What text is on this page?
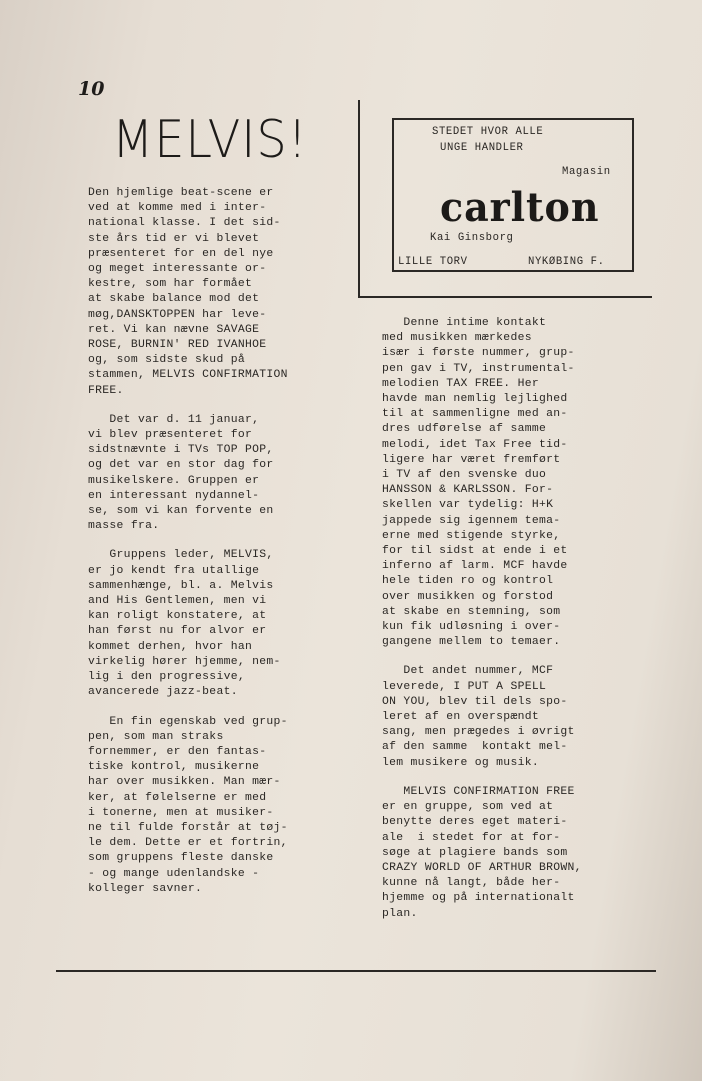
10
MELVIS!	STEDET HVOR ALLE
UNGE HANDLER
Magasin
carlton
Kai Ginsborg
LILLE TORV	NYKØBING F.

Den hjemlige beat-scene er
ved at komme med i inter-
national klasse. I det sid-
ste års tid er vi blevet
præsenteret for en del nye
og meget interessante or-
kestre, som har formået
at skabe balance mod det
møg,DANSKTOPPEN har leve-
ret. Vi kan nævne SAVAGE
ROSE, BURNIN' RED IVANHOE
og, som sidste skud på
stammen, MELVIS CONFIRMATION
FREE.

Det var d. 11 januar,
vi blev præsenteret for
sidstnævnte i TVs TOP POP,
og det var en stor dag for
musikelskere. Gruppen er
en interessant nydannel-
se, som vi kan forvente en
masse fra.

Gruppens leder, MELVIS,
er jo kendt fra utallige
sammenhænge, bl. a. Melvis
and His Gentlemen, men vi
kan roligt konstatere, at
han først nu for alvor er
kommet derhen, hvor han
virkelig hører hjemme, nem-
lig i den progressive,
avancerede jazz-beat.

En fin egenskab ved grup-
pen, som man straks
fornemmer, er den fantas-
tiske kontrol, musikerne
har over musikken. Man mær-
ker, at følelserne er med
i tonerne, men at musiker-
ne til fulde forstår at tøj-
le dem. Dette er et fortrin,
som gruppens fleste danske
- og mange udenlandske -
kolleger savner.

Denne intime kontakt
med musikken mærkedes
især i første nummer, grup-
pen gav i TV, instrumental-
melodien TAX FREE. Her
havde man nemlig lejlighed
til at sammenligne med an-
dres udførelse af samme
melodi, idet Tax Free tid-
ligere har været fremført
i TV af den svenske duo
HANSSON & KARLSSON. For-
skellen var tydelig: H+K
jappede sig igennem tema-
erne med stigende styrke,
for til sidst at ende i et
inferno af larm. MCF havde
hele tiden ro og kontrol
over musikken og forstod
at skabe en stemning, som
kun fik udløsning i over-
gangene mellem to temaer.

Det andet nummer, MCF
leverede, I PUT A SPELL
ON YOU, blev til dels spo-
leret af en overspændt
sang, men prægedes i øvrigt
af den samme  kontakt mel-
lem musikere og musik.

MELVIS CONFIRMATION FREE
er en gruppe, som ved at
benytte deres eget materi-
ale  i stedet for at for-
søge at plagiere bands som
CRAZY WORLD OF ARTHUR BROWN,
kunne nå langt, både her-
hjemme og på internationalt
plan.
